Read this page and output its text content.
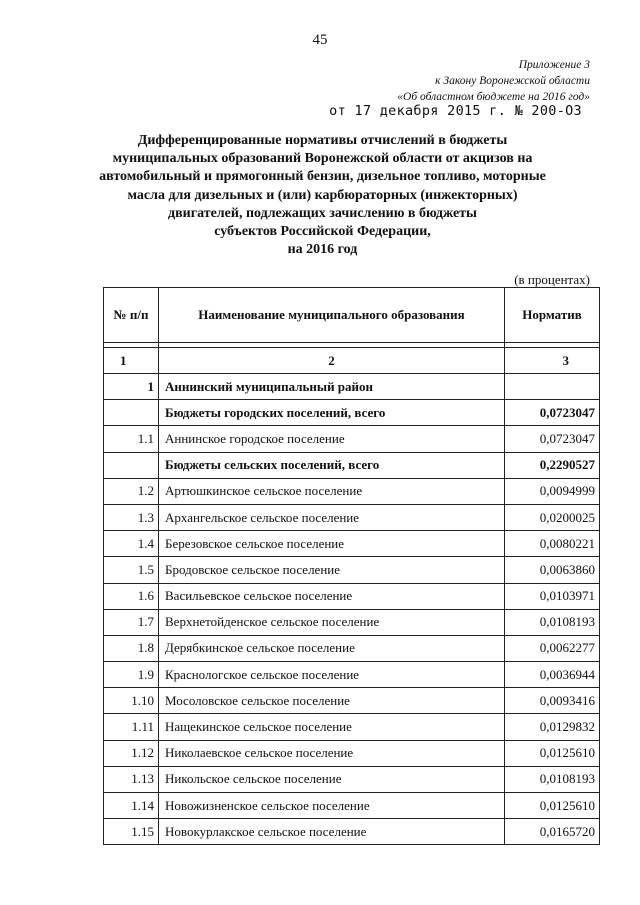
45
Приложение 3
к Закону Воронежской области
«Об областном бюджете на 2016 год»
от 17 декабря 2015 г. № 200-ОЗ
Дифференцированные нормативы отчислений в бюджеты
муниципальных образований Воронежской области от акцизов на
автомобильный и прямогонный бензин, дизельное топливо, моторные
масла для дизельных и (или) карбюраторных (инжекторных)
двигателей, подлежащих зачислению в бюджеты
субъектов Российской Федерации,
на 2016 год
(в процентах)
№ п/п	Наименование муниципального образования	Норматив

1	2	3
1	Аннинский муниципальный район	
	Бюджеты городских поселений, всего	0,0723047
1.1	Аннинское городское поселение	0,0723047
	Бюджеты сельских поселений, всего	0,2290527
1.2	Артюшкинское сельское поселение	0,0094999
1.3	Архангельское сельское поселение	0,0200025
1.4	Березовское сельское поселение	0,0080221
1.5	Бродовское сельское поселение	0,0063860
1.6	Васильевское сельское поселение	0,0103971
1.7	Верхнетойденское сельское поселение	0,0108193
1.8	Дерябкинское сельское поселение	0,0062277
1.9	Краснологское сельское поселение	0,0036944
1.10	Мосоловское сельское поселение	0,0093416
1.11	Нащекинское сельское поселение	0,0129832
1.12	Николаевское сельское поселение	0,0125610
1.13	Никольское сельское поселение	0,0108193
1.14	Новожизненское сельское поселение	0,0125610
1.15	Новокурлакское сельское поселение	0,0165720
